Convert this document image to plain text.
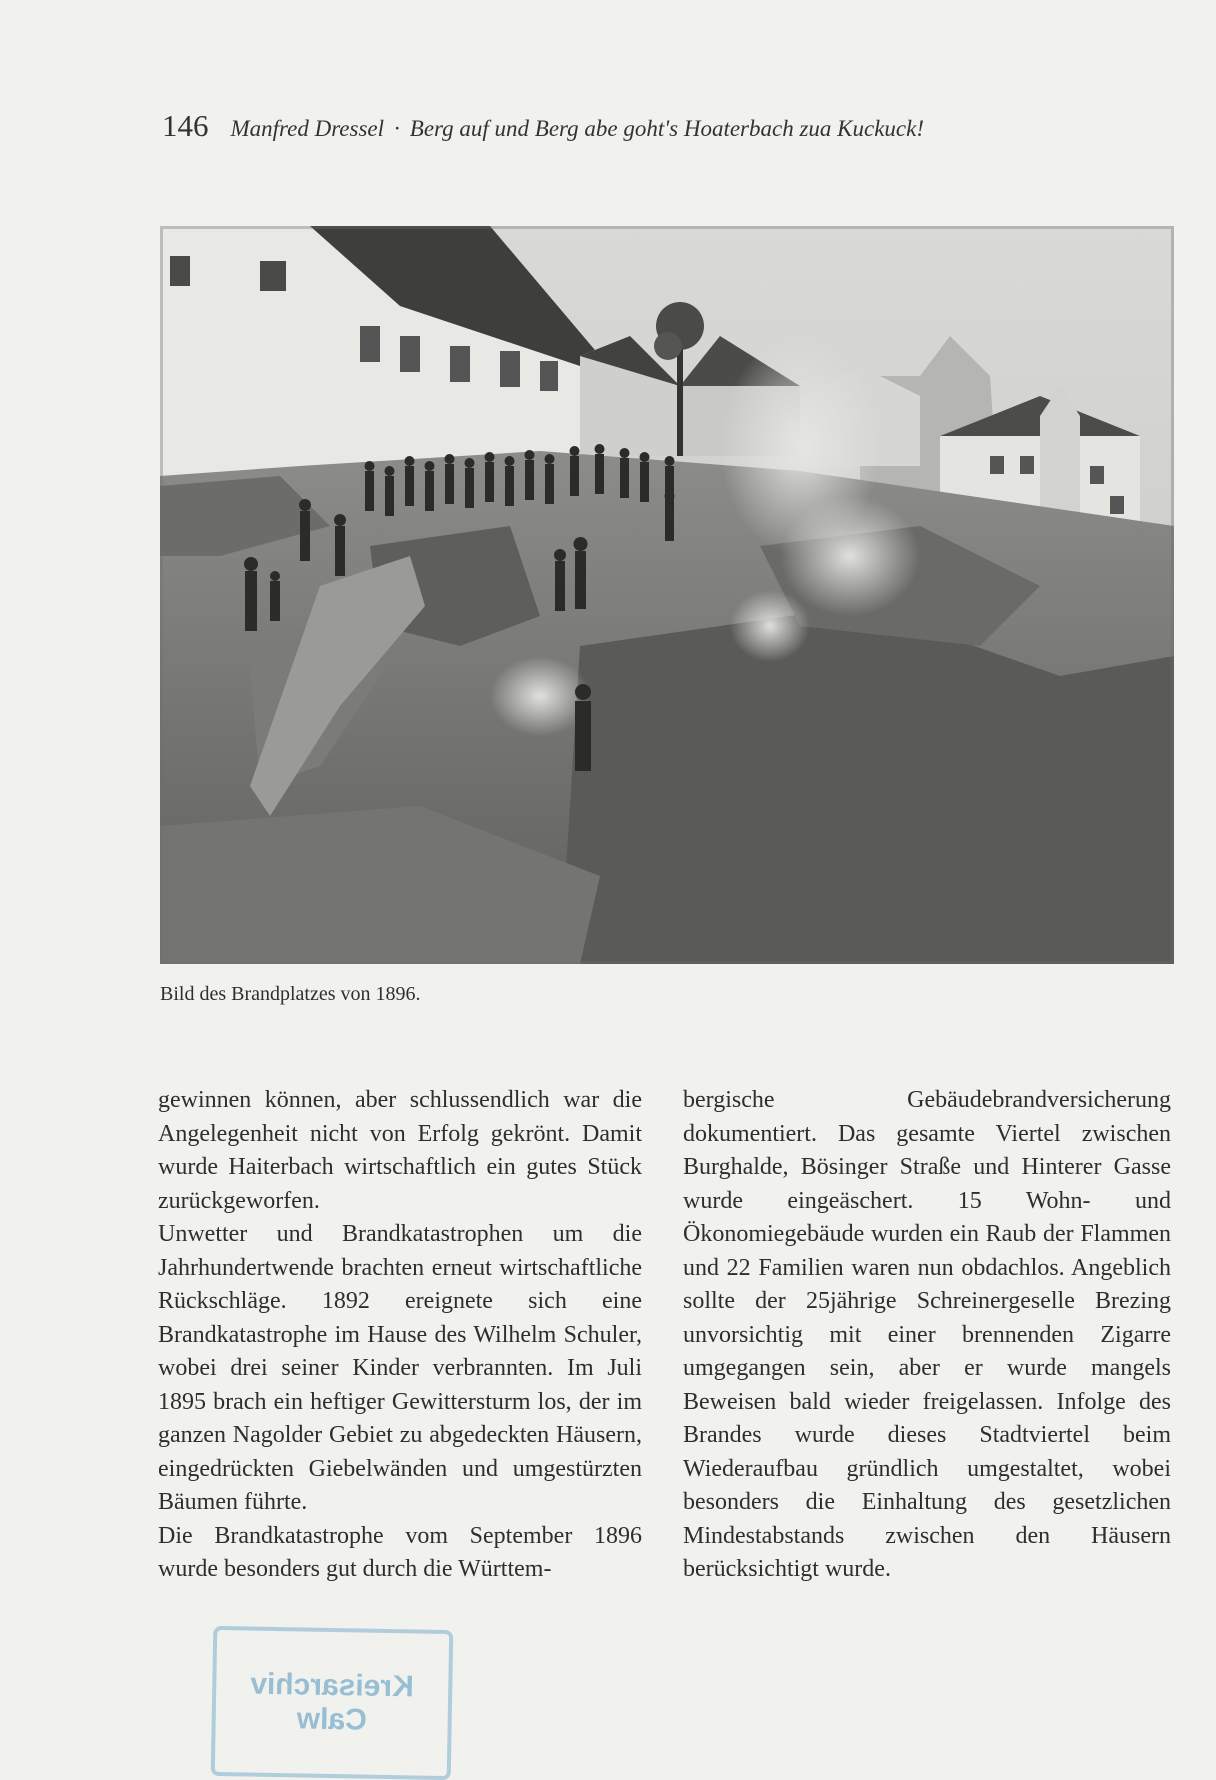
146 Manfred Dressel · Berg auf und Berg abe goht's Hoaterbach zua Kuckuck!
Bild des Brandplatzes von 1896.

gewinnen können, aber schlussendlich war die Angelegenheit nicht von Erfolg gekrönt. Damit wurde Haiterbach wirtschaftlich ein gutes Stück zurückgeworfen.

Unwetter und Brandkatastrophen um die Jahrhundertwende brachten erneut wirtschaftliche Rückschläge. 1892 ereignete sich eine Brandkatastrophe im Hause des Wilhelm Schuler, wobei drei seiner Kinder verbrannten. Im Juli 1895 brach ein heftiger Gewittersturm los, der im ganzen Nagolder Gebiet zu abgedeckten Häusern, eingedrückten Giebelwänden und umgestürzten Bäumen führte.

Die Brandkatastrophe vom September 1896 wurde besonders gut durch die Württem-

bergische Gebäudebrandversicherung dokumentiert. Das gesamte Viertel zwischen Burghalde, Bösinger Straße und Hinterer Gasse wurde eingeäschert. 15 Wohn- und Ökonomiegebäude wurden ein Raub der Flammen und 22 Familien waren nun obdachlos. Angeblich sollte der 25jährige Schreinergeselle Brezing unvorsichtig mit einer brennenden Zigarre umgegangen sein, aber er wurde mangels Beweisen bald wieder freigelassen. Infolge des Brandes wurde dieses Stadtviertel beim Wiederaufbau gründlich umgestaltet, wobei besonders die Einhaltung des gesetzlichen Mindestabstands zwischen den Häusern berücksichtigt wurde.

Kreisarchiv
Calw
